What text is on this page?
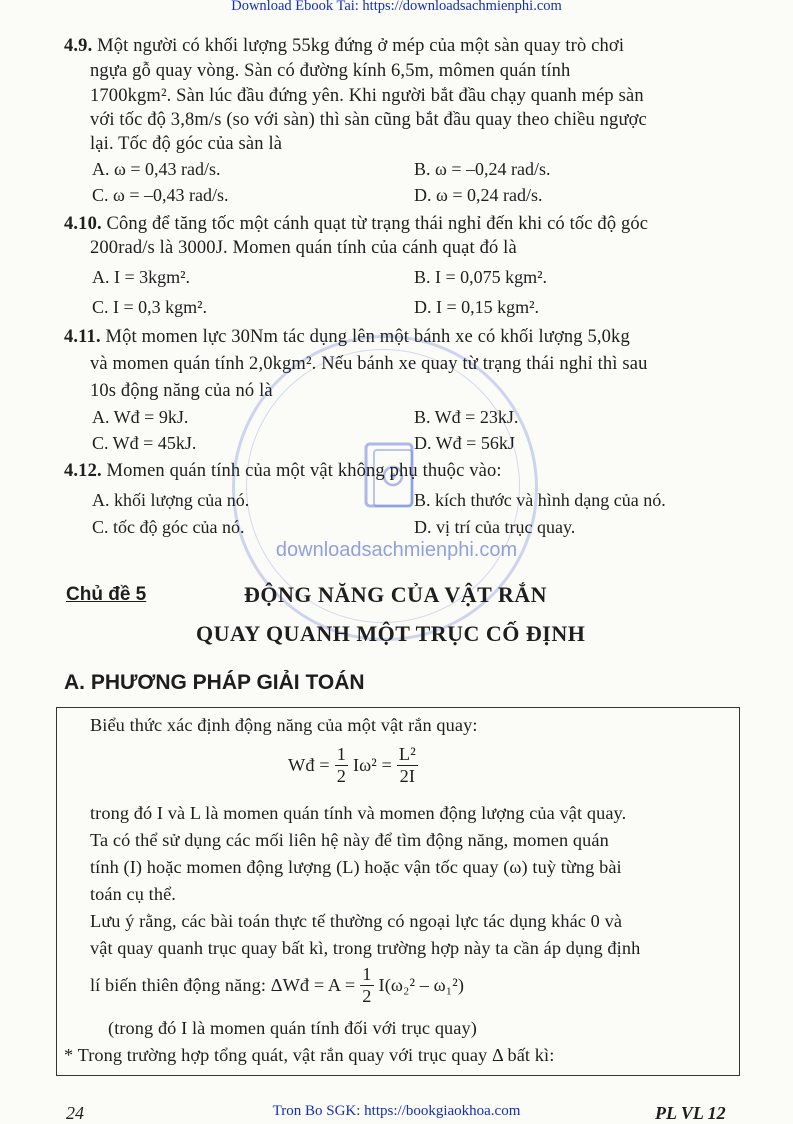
Download Ebook Tai: https://downloadsachmienphi.com
downloadsachmienphi.com
4.9. Một người có khối lượng 55kg đứng ở mép của một sàn quay trò chơi
ngựa gỗ quay vòng. Sàn có đường kính 6,5m, mômen quán tính
1700kgm². Sàn lúc đầu đứng yên. Khi người bắt đầu chạy quanh mép sàn
với tốc độ 3,8m/s (so với sàn) thì sàn cũng bắt đầu quay theo chiều ngược
lại. Tốc độ góc của sàn là
A. ω = 0,43 rad/s.	B. ω = –0,24 rad/s.
C. ω = –0,43 rad/s.	D. ω = 0,24 rad/s.
4.10. Công để tăng tốc một cánh quạt từ trạng thái nghỉ đến khi có tốc độ góc
200rad/s là 3000J. Momen quán tính của cánh quạt đó là
A. I = 3kgm².	B. I = 0,075 kgm².
C. I = 0,3 kgm².	D. I = 0,15 kgm².
4.11. Một momen lực 30Nm tác dụng lên một bánh xe có khối lượng 5,0kg
và momen quán tính 2,0kgm². Nếu bánh xe quay từ trạng thái nghỉ thì sau
10s động năng của nó là
A. Wđ = 9kJ.	B. Wđ = 23kJ.
C. Wđ = 45kJ.	D. Wđ = 56kJ
4.12. Momen quán tính của một vật không phụ thuộc vào:
A. khối lượng của nó.	B. kích thước và hình dạng của nó.
C. tốc độ góc của nó.	D. vị trí của trục quay.
Chủ đề 5	ĐỘNG NĂNG CỦA VẬT RẮN
QUAY QUANH MỘT TRỤC CỐ ĐỊNH
A. PHƯƠNG PHÁP GIẢI TOÁN
Biểu thức xác định động năng của một vật rắn quay:
Wđ = $\frac{1}{2} I\omega^2 = \frac{\text{L²}}{2I}$
trong đó I và L là momen quán tính và momen động lượng của vật quay.
Ta có thể sử dụng các mối liên hệ này để tìm động năng, momen quán
tính (I) hoặc momen động lượng (L) hoặc vận tốc quay (ω) tuỳ từng bài
toán cụ thể.
Lưu ý rằng, các bài toán thực tế thường có ngoại lực tác dụng khác 0 và
vật quay quanh trục quay bất kì, trong trường hợp này ta cần áp dụng định
lí biến thiên động năng: ΔWđ = $A = \frac{1}{2} I(\omega_2^2 - \omega_1^2)$
(trong đó I là momen quán tính đối với trục quay)
* Trong trường hợp tổng quát, vật rắn quay với trục quay Δ bất kì:
24	Tron Bo SGK: https://bookgiaokhoa.com	PL VL 12
